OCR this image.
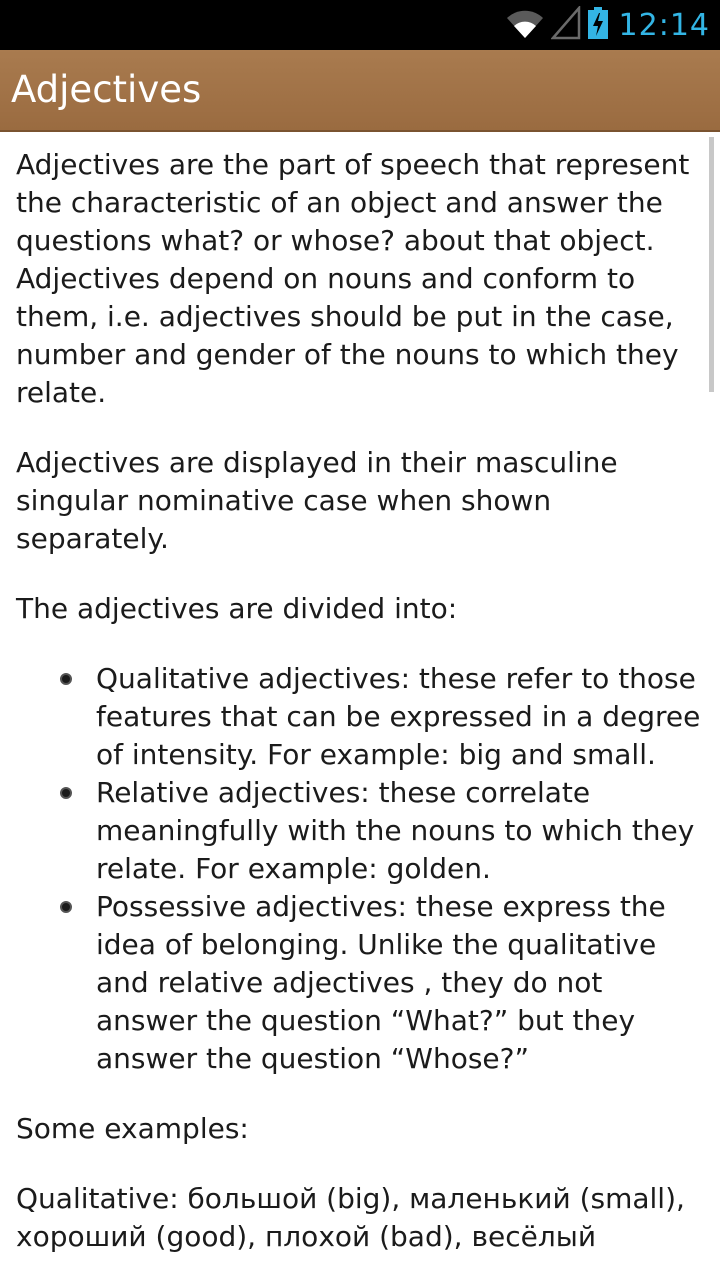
12:14
Adjectives

Adjectives are the part of speech that represent the characteristic of an object and answer the questions what? or whose? about that object. Adjectives depend on nouns and conform to them, i.e. adjectives should be put in the case, number and gender of the nouns to which they relate.

Adjectives are displayed in their masculine singular nominative case when shown separately.

The adjectives are divided into:

Qualitative adjectives: these refer to those features that can be expressed in a degree of intensity. For example: big and small.
Relative adjectives: these correlate meaningfully with the nouns to which they relate. For example: golden.
Possessive adjectives: these express the idea of belonging. Unlike the qualitative and relative adjectives , they do not answer the question “What?” but they answer the question “Whose?”

Some examples:

Qualitative: большой (big), маленький (small), хороший (good), плохой (bad), весёлый
